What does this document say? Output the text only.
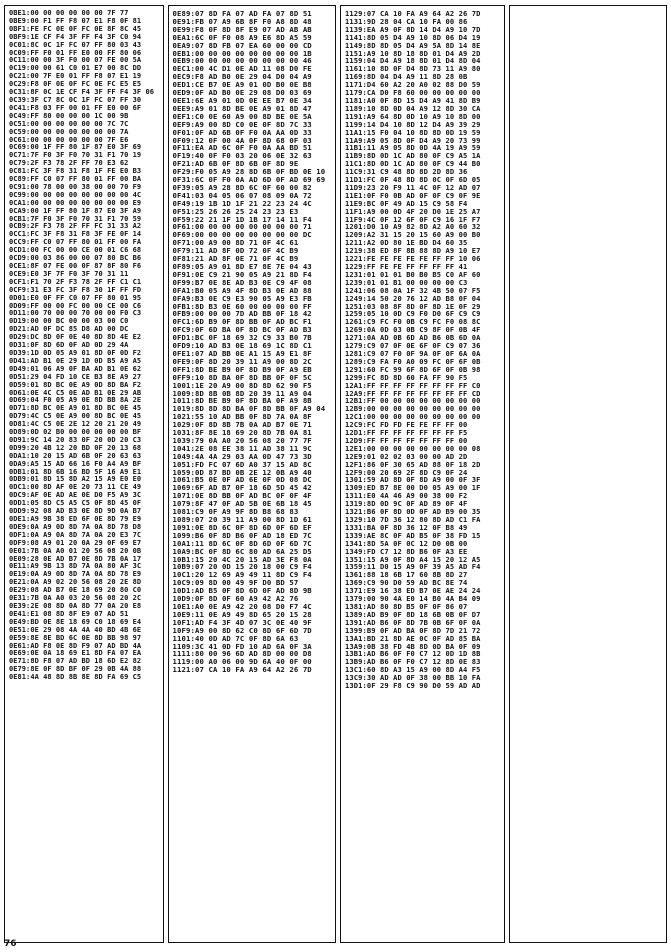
0BE1:00 00 00 00 00 00 7F 77
0BE9:00 F1 FF F8 07 E1 F8 0F 81
0BF1:FE FC 0E 0F FC 0E 8F 8C 45
0BF9:1E CF F4 3F FF F4 3F C0 94
0C01:8C 0C 1F FC 07 FF 80 03 43
0C09:FF F0 01 FF E0 00 FF 80 06
0C11:00 00 3F F0 00 07 FE 00 5A
0C19:00 00 61 C0 01 E7 00 8C DD
0C21:00 7F E0 01 FF F8 07 E1 19
0C29:F8 0F 0E 0F FC 0E FC E5 E5
0C31:8F 0C 1E CF F4 3F FF F4 3F 06
0C39:3F C7 8C 0C 1F FC 07 FF 30
0C41:F8 03 FF 00 01 FF E0 00 6F
0C49:FF 80 00 00 00 1C 00 9B
0C51:00 00 00 00 00 00 7C 7C
0C59:00 00 00 00 00 00 00 7A
0C61:00 00 00 00 00 00 7F E6
0C69:00 1F FF 80 1F 87 E0 3F 69
0C71:7F F0 3F F0 70 31 F1 70 19
0C79:2F F3 78 2F FF 70 E3 62
0C81:FC 3F F8 31 F8 1F FE E0 B3
0C89:FF C0 07 FF 80 01 FF 00 BA
0C91:00 78 00 00 38 00 00 70 F9
0C99:00 00 00 00 00 00 00 00 4C
0CA1:00 00 00 00 00 00 00 00 E9
0CA9:00 1F FF 80 1F 87 E0 3F A9
0CB1:7F F0 3F F0 70 31 F1 70 59
0CB9:2F F3 78 2F FF FC 31 33 A2
0CC1:FC 3F F8 31 F8 3F FE 0F 14
0CC9:FF C0 07 FF 80 01 FF 00 FA
0CD1:00 FC 00 00 CE 00 01 C6 68
0CD9:00 03 86 00 00 07 80 BC B6
0CE1:8F 07 FE 00 0F 87 8F 80 F6
0CE9:E0 3F 7F F0 3F 70 31 11
0CF1:F1 70 2F F3 78 2F FF C1 C1
0CF9:31 E3 FC 3F F8 30 1F FF FD
0D01:E0 0F FF C0 07 FF 80 01 95
0D09:FF 00 00 FC 00 00 CE 00 C6
0D11:00 70 00 00 70 00 00 F0 C3
0D19:00 00 BC 00 00 03 00 C0
0D21:AD 0F DC 85 D8 AD 00 DC
0D29:DC 8D 0F 0E 40 8D 8D 4E E2
0D31:0F 8D 6D 0F AD 0D 29 4A
0D39:1D 0D 05 A9 01 8D 0F 0D F2
0D41:AD B1 0E 29 1D 0D B5 A9 A5
0D49:01 06 A9 0F BA AD B1 0E 62
0D51:29 04 FD 10 CE B3 8E A9 27
0D59:01 8D BC 0E A9 0D 8D BA F2
0D61:0E 4C C5 0E AD B1 0E 29 AB
0D69:04 F0 05 A9 0E 8D BB 8A 2E
0D71:8D BC 0E A9 01 8D BC 0E 45
0D79:4C C5 0E A9 00 8D BC 0E 45
0D81:4C C5 0E 2E 12 20 21 20 49
0D89:0D 02 B0 00 00 00 00 00 BF
0D91:9C 14 20 83 0F 20 0D 20 C3
0D99:20 4B 12 20 BD 0F 20 13 68
0DA1:10 20 15 AD 6B 0F 20 63 63
0DA9:A5 15 AD 66 16 F0 A4 A9 BF
0DB1:01 8D 6B 16 BD 5F 16 A9 E1
0DB9:01 8D 15 8D A2 15 A9 E0 E0
0DC1:00 8D AF 0E 20 73 11 CE 49
0DC9:AF 0E AD AE 0E D0 F5 A9 3C
0DD1:05 8D C5 A5 C5 0F 8D 45 0F
0DD9:92 08 AD B3 0E 8D 9D 0A B7
0DE1:A9 9B 38 ED 6F 0E 8D 79 E9
0DE9:0A A9 0D 8D 7A 0A 8D 78 D8
0DF1:0A A9 0A 8D 7A 0A 20 E3 7C
0DF9:08 A9 01 20 0A 29 0F 69 E7
0E01:7B 0A A0 01 20 56 08 20 0B
0E09:28 0E AD B7 0E 8D 7B 0A 17
0E11:A9 9B 13 8D 7A 0A 80 AF 3C
0E19:0A A9 0D 8D 7A 0A 8D 78 E9
0E21:0A A9 02 20 56 08 20 2E 8D
0E29:08 AD B7 0E 18 69 20 80 C0
0E31:7B 0A A0 03 20 56 08 20 2C
0E39:2E 08 8D 0A 8D 77 0A 20 E8
0E41:E1 08 8D 8F E9 07 AD 51
0E49:BD 0E 8E 18 69 C0 18 69 E4
0E51:0E 29 08 4A 4A 40 BD 4B 6E
0E59:8E 8E BD 6C 0E 8D BB 98 97
0E61:AD F8 0E 8D F9 07 AD BD 4A
0E69:0E 0A 18 69 E1 8D FA 07 EA
0E71:8D F8 07 AD BD 18 6D E2 82
0E79:8E 0F 8D BF 0F 29 0B 4A 88
0E81:4A 48 8D 8B 8E 8D FA 69 C5
0E89:07 8D FA 07 AD FA 07 8D 51
0E91:FB 07 A9 6B 8F F0 A8 8D 48
0E99:F8 0F 8D 8F E9 07 AD AB AB
0EA1:6C 0F F0 08 A9 E6 8D A5 59
0EA9:07 8D FB 07 EA 60 00 00 CD
0EB1:00 00 00 00 00 00 00 00 1B
0EB9:00 00 00 00 00 00 00 00 46
0EC1:00 4C D1 0E AD 11 08 D0 FE
0EC9:F8 AD B0 0E 29 04 D0 04 A9
0ED1:CE B7 0E A9 01 0D B0 0E B8
0ED9:0F AD B0 0E 29 08 D0 03 69
0EE1:6E A9 01 0D 0E EE B7 0E 34
0EE9:A9 01 8D BE 0E A9 01 8D 47
0EF1:C0 0E 60 A9 00 8D BE 0E 5A
0EF9:A9 00 8D C0 0E 0F 8D 7C 33
0F01:0F AD 6B 0F F0 0A AA 0D 33
0F09:12 0F 00 4A 0F 8D 68 0F 03
0F11:EA AD 6C 0F F0 0A AA BD 51
0F19:40 0F F0 03 20 06 0E 32 63
0F21:AD 6B 0F 8D 6B 0F 8D 9E
0F29:F0 05 A9 28 8D 6B 0F BD 0E 10
0F31:6C 0F F0 0A AD 6D 0F AD 69 69
0F39:05 A9 28 8D 6C 0F 60 00 82
0F41:03 04 05 06 07 08 09 0A 72
0F49:19 1B 1D 1F 21 22 23 24 4C
0F51:25 26 26 25 24 23 23 E3
0F59:22 21 1F 1D 1B 17 14 11 F4
0F61:00 00 00 00 00 00 00 00 71
0F69:00 00 00 00 00 00 00 00 DC
0F71:00 A9 00 8D 71 0F 4C 61
0F79:11 AD 8F 0D 72 0F 4C B9
0F81:21 AD 8F 0E 71 0F 4C B9
0F89:05 A9 01 8D E7 8E 7E 04 43
0F91:0E C9 21 90 05 A9 21 8D F4
0F99:B7 0E 8E AD B3 0E C9 4F 08
0FA1:B0 05 A9 4F 8D B3 0E AD 88
0FA9:B3 0E C9 E3 90 05 A9 E3 FB
0FB1:8D B3 0E 60 00 00 00 00 FF
0FB9:00 00 00 7D AD BB 0F 18 42
0FC1:6D B9 0F 8D BB 0F AD BC F1
0FC9:0F 6D BA 0F 8D BC 0F AD B3
0FD1:BC 0F 18 69 32 C9 33 B0 7B
0FD9:10 AD B3 0E 18 69 1C 8D C1
0FE1:07 AD BB 0E A1 15 A9 E1 8F
0FE9:0F 8D 20 39 11 A9 00 8D 2C
0FF1:8D BE B9 0F 8D B9 0F A9 EB
0FF9:10 8D BA 0F 8D BB 0F 0F 5C
1001:1E 20 A9 00 8D 8D 62 90 F5
1009:8D 8B 0B 8D 20 39 11 A9 04
1011:8D BE B9 0F 8D BA 0F A9 8B
1019:8D 8D 8D BA 0F 8D BB 0F A9 04
1021:55 10 AD BB 0F 8D 7A 0A 8F
1029:0F 8D 8B 7B 0A AD B7 0E 71
1031:8F 8E 18 69 20 8D 7B 0A 81
1039:79 0A A0 20 56 08 20 77 7F
1041:2E 08 EE 38 11 AD 38 11 9C
1049:4A 4A 29 03 AA 0D 47 73 3D
1051:FD FC 07 6D A0 37 15 AD 8C
1059:0D 87 BD 0B 2E 12 0B A9 40
1061:B5 0E 0F AD 6E 0F 0D 08 DC
1069:6F AD B7 0F 18 6D 5D 45 42
1071:0E 8D BB 0F AD BC 0F 0F 4F
1079:8F 47 0F AD 5B 0E 6B 18 45
1081:C9 0F A9 9F 8D B8 68 83
1089:07 20 39 11 A9 00 8D 1D 61
1091:0E 8D 6C 0F 8D 6D 0F 6D EF
1099:B6 0F 8D B6 0F AD 18 ED 7C
10A1:11 8D 6C 0F 8D 6D 0F 6D 7C
10A9:BC 0F 8D 6C 80 AD 6A 25 D5
10B1:15 20 4C 20 15 AD 3E F8 0A
10B9:07 20 0D 15 20 18 00 C9 F4
10C1:20 12 69 A9 49 11 8D C9 F4
10C9:09 8D 00 49 9F D0 BD 57
10D1:AD B5 0F 8D 6D 0F AD 8D 9B
10D9:0F 8D 0F 60 A9 42 A2 76
10E1:A0 0E A9 42 20 08 D0 F7 4C
10E9:11 0E A9 49 8D 65 20 15 28
10F1:AD F4 3F 4D 07 3C 0E 40 9F
10F9:A9 00 8D 62 C0 8D 6F 6D 7D
1101:40 0D AD 7C 0F 8D 6A 63
1109:3C 41 0D FD 10 AD 6A 0F 3A
1111:80 00 96 6D AD 8D 00 00 D8
1119:00 A0 06 00 9D 6A 40 0F 00
1121:07 CA 10 FA A9 64 A2 26 7D
1129:07 CA 10 FA A9 64 A2 26 7D
1131:9D 28 04 CA 10 FA 00 86
1139:EA A9 0F 8D 14 D4 A9 10 7D
1141:8D 05 D4 A9 10 8D 06 D4 19
1149:8D 8D 05 D4 A9 5A 8D 14 8E
1151:A9 10 8D 18 8D 01 D4 A9 2D
1159:04 D4 A9 18 8D 01 D4 8D 04
1161:10 8D 0F D4 8D 73 11 A9 80
1169:8D 04 D4 A9 11 8D 28 0B
1171:D4 60 A2 20 A0 02 88 D0 59
1179:CA D0 F8 60 00 00 00 00 00
1181:A0 0F 8D 15 D4 A9 41 8D B9
1189:10 8D 0D 04 A9 12 8D 30 CA
1191:A9 64 8D 0D 10 A9 10 8D 00
1199:14 D4 10 8D 12 D4 A9 39 29
11A1:15 F0 04 10 8D 8D 0D 19 59
11A9:A9 05 8D 0F D4 A9 20 73 99
11B1:11 A9 05 8D 0D 4A 19 A9 59
11B9:8D 0D 1C AD 80 0F C9 A5 1A
11C1:8D 0D 1C AD 80 0F C9 44 B0
11C9:31 C9 48 8D 8D 2D 8D 36
11D1:FC 0F 48 8D 8D 0C 0F 6D 05
11D9:23 20 F9 11 4C 0F 12 AD 07
11E1:0F F0 0B AD 0F 0F C9 0F 9E
11E9:BC 0F 49 AD 15 C9 58 F4
11F1:A9 00 0D 4F 20 D0 1E 25 A7
11F9:4C 0F 12 6F 0F C9 16 1F F7
1201:D0 10 A9 82 8D A2 A0 60 32
1209:A2 31 15 20 15 60 A9 00 B0
1211:A2 0D 80 1E BD D4 60 35
1219:38 ED 8F 8B 88 8D A9 10 E7
1221:FE FE FE FE FE FF FF 10 06
1229:FF FE FE FF FF FF FF 41
1231:01 01 01 B0 B0 B5 C0 AF 60
1239:01 01 B1 00 00 00 00 C3
1241:06 08 0A 1F 32 4B 50 07 F5
1249:14 50 20 76 12 AD B8 0F 04
1251:03 08 8F 8D 0F 8D 1E 0F 29
1259:05 10 0D C9 F0 D0 6F C9 C9
1261:C9 FC F0 0B C9 FC F0 08 8C
1269:0A 0D 03 0B C9 8F 0F 0B 4F
1271:0A AD 0B 6D AD B6 0B 6D 0A
1279:C9 07 0F 0E 6F 0F C9 07 36
1281:C9 07 F0 0F 9A 0F 0F 6A 0A
1289:C9 FA F0 A0 09 FC 0F 6F 0B
1291:60 FC 99 6F 8D 6F 0F 0B 98
1299:FC 8D 8D 60 FA FF 90 F5
12A1:FF FF FF FF FF FF FF FF C0
12A9:FF FF FF FF FF FF FF FF CD
12B1:FF 00 00 00 00 00 00 00 00
12B9:00 00 00 00 00 00 00 00 00
12C1:00 00 00 00 00 00 00 00 00
12C9:FC FD FD FE FE FF FF 00
12D1:FF FF FF FF FF FF FF F5
12D9:FF FF FF FF FF FF FF 00
12E1:00 00 00 00 00 00 00 00 08
12E9:01 02 02 03 00 00 AD 2D
12F1:86 0F 30 65 AD 88 0F 18 2D
12F9:00 20 69 2F 8D C9 0F 24
1301:59 AD 8D 0F 8D A9 00 0F 3F
1309:ED B7 8E 00 D0 05 A9 00 1F
1311:E0 4A 46 A9 00 38 00 F2
1319:8D 0D 9C 0F AD 89 0F 4F
1321:B6 0F 8D 0D 0F AD B9 00 35
1329:10 7D 36 12 80 8D AD C1 FA
1331:BA 0F 8D 36 12 0F B8 49
1339:AE 8C 0F AD B5 0F 38 FD 15
1341:8D 5A 0F 0C 12 D0 0B 00
1349:FD C7 12 8D B6 0F A3 EE
1351:15 A9 0F 8D A4 15 20 12 A5
1359:11 D0 15 A9 0F 39 A5 AD F4
1361:88 18 6B 17 60 8B 8D 27
1369:C9 90 D0 59 AD BC 8E 74
1371:E9 16 38 ED B7 0E AE 24 24
1379:00 90 4A E0 14 B0 4A B4 09
1381:AD 80 8D B5 0F 0F 86 07
1389:AD B9 0F 8D 18 6B 0B 0F D7
1391:AD B6 0F 8D 7B 0B 6F 0F 0A
1399:B9 0F AD BA 0F 8D 7D 21 72
13A1:BD 21 8D AE 0C 0F AD 85 BA
13A9:0B 38 FD 4B 8D 0D BA 0F 09
13B1:AD B6 0F F0 C7 12 0D 1D 8B
13B9:AD B6 0F F0 C7 12 8D 0E 83
13C1:60 8D A3 15 A9 00 8D A4 F5
13C9:30 AD AD 0F 38 00 BB 10 FA
13D1:0F 29 F8 C9 90 D0 59 AD AD
76
